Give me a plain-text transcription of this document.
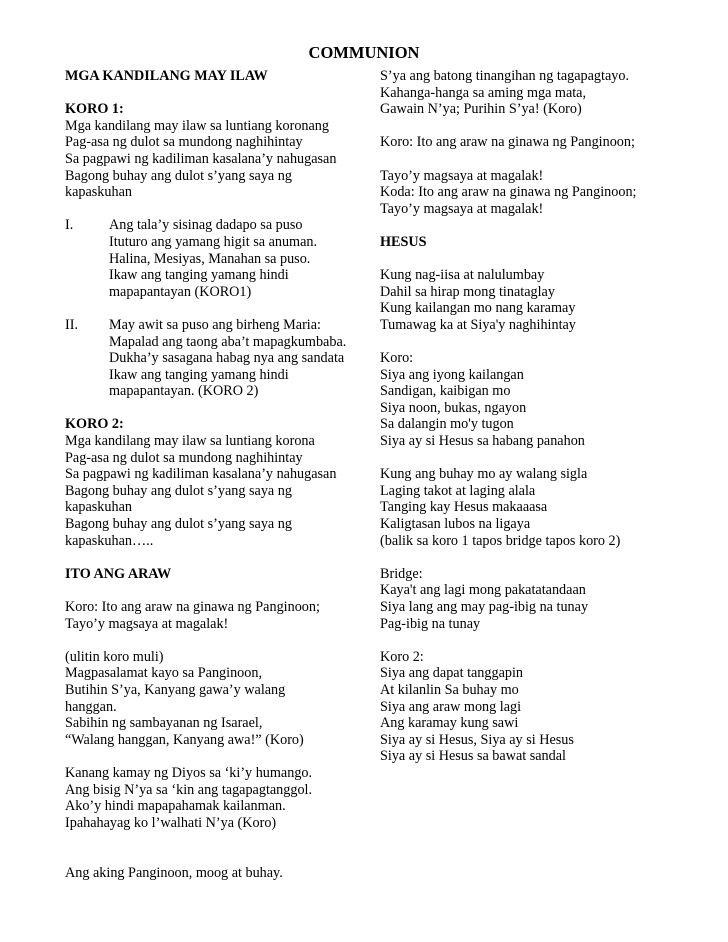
COMMUNION
MGA KANDILANG MAY ILAW
KORO 1:
Mga kandilang may ilaw sa luntiang koronang
Pag-asa ng dulot sa mundong naghihintay
Sa pagpawi ng kadiliman kasalana’y nahugasan
Bagong buhay ang dulot s’yang saya ng
kapaskuhan
I.	Ang tala’y sisinag dadapo sa puso
Ituturo ang yamang higit sa anuman.
Halina, Mesiyas, Manahan sa puso.
Ikaw ang tanging yamang hindi
mapapantayan (KORO1)
II. May awit sa puso ang birheng Maria:
Mapalad ang taong aba’t mapagkumbaba.
Dukha’y sasagana habag nya ang sandata
Ikaw ang tanging yamang hindi
mapapantayan. (KORO 2)
KORO 2:
Mga kandilang may ilaw sa luntiang korona
Pag-asa ng dulot sa mundong naghihintay
Sa pagpawi ng kadiliman kasalana’y nahugasan
Bagong buhay ang dulot s’yang saya ng
kapaskuhan
Bagong buhay ang dulot s’yang saya ng
kapaskuhan…..
ITO ANG ARAW
Koro: Ito ang araw na ginawa ng Panginoon;
Tayo’y magsaya at magalak!
(ulitin koro muli)
Magpasalamat kayo sa Panginoon,
Butihin S’ya, Kanyang gawa’y walang
hanggan.
Sabihin ng sambayanan ng Isarael,
“Walang hanggan, Kanyang awa!” (Koro)
Kanang kamay ng Diyos sa ‘ki’y humango.
Ang bisig N’ya sa ‘kin ang tagapagtanggol.
Ako’y hindi mapapahamak kailanman.
Ipahahayag ko l’walhati N’ya (Koro)
Ang aking Panginoon, moog at buhay.
S’ya ang batong tinangihan ng tagapagtayo.
Kahanga-hanga sa aming mga mata,
Gawain N’ya; Purihin S’ya! (Koro)
Koro: Ito ang araw na ginawa ng Panginoon;
Tayo’y magsaya at magalak!
Koda: Ito ang araw na ginawa ng Panginoon;
Tayo’y magsaya at magalak!
HESUS
Kung nag-iisa at nalulumbay
Dahil sa hirap mong tinataglay
Kung kailangan mo nang karamay
Tumawag ka at Siya'y naghihintay
Koro:
Siya ang iyong kailangan
Sandigan, kaibigan mo
Siya noon, bukas, ngayon
Sa dalangin mo'y tugon
Siya ay si Hesus sa habang panahon
Kung ang buhay mo ay walang sigla
Laging takot at laging alala
Tanging kay Hesus makaaasa
Kaligtasan lubos na ligaya
(balik sa koro 1 tapos bridge tapos koro 2)
Bridge:
Kaya't ang lagi mong pakatatandaan
Siya lang ang may pag-ibig na tunay
Pag-ibig na tunay
Koro 2:
Siya ang dapat tanggapin
At kilanlin Sa buhay mo
Siya ang araw mong lagi
Ang karamay kung sawi
Siya ay si Hesus, Siya ay si Hesus
Siya ay si Hesus sa bawat sandal
